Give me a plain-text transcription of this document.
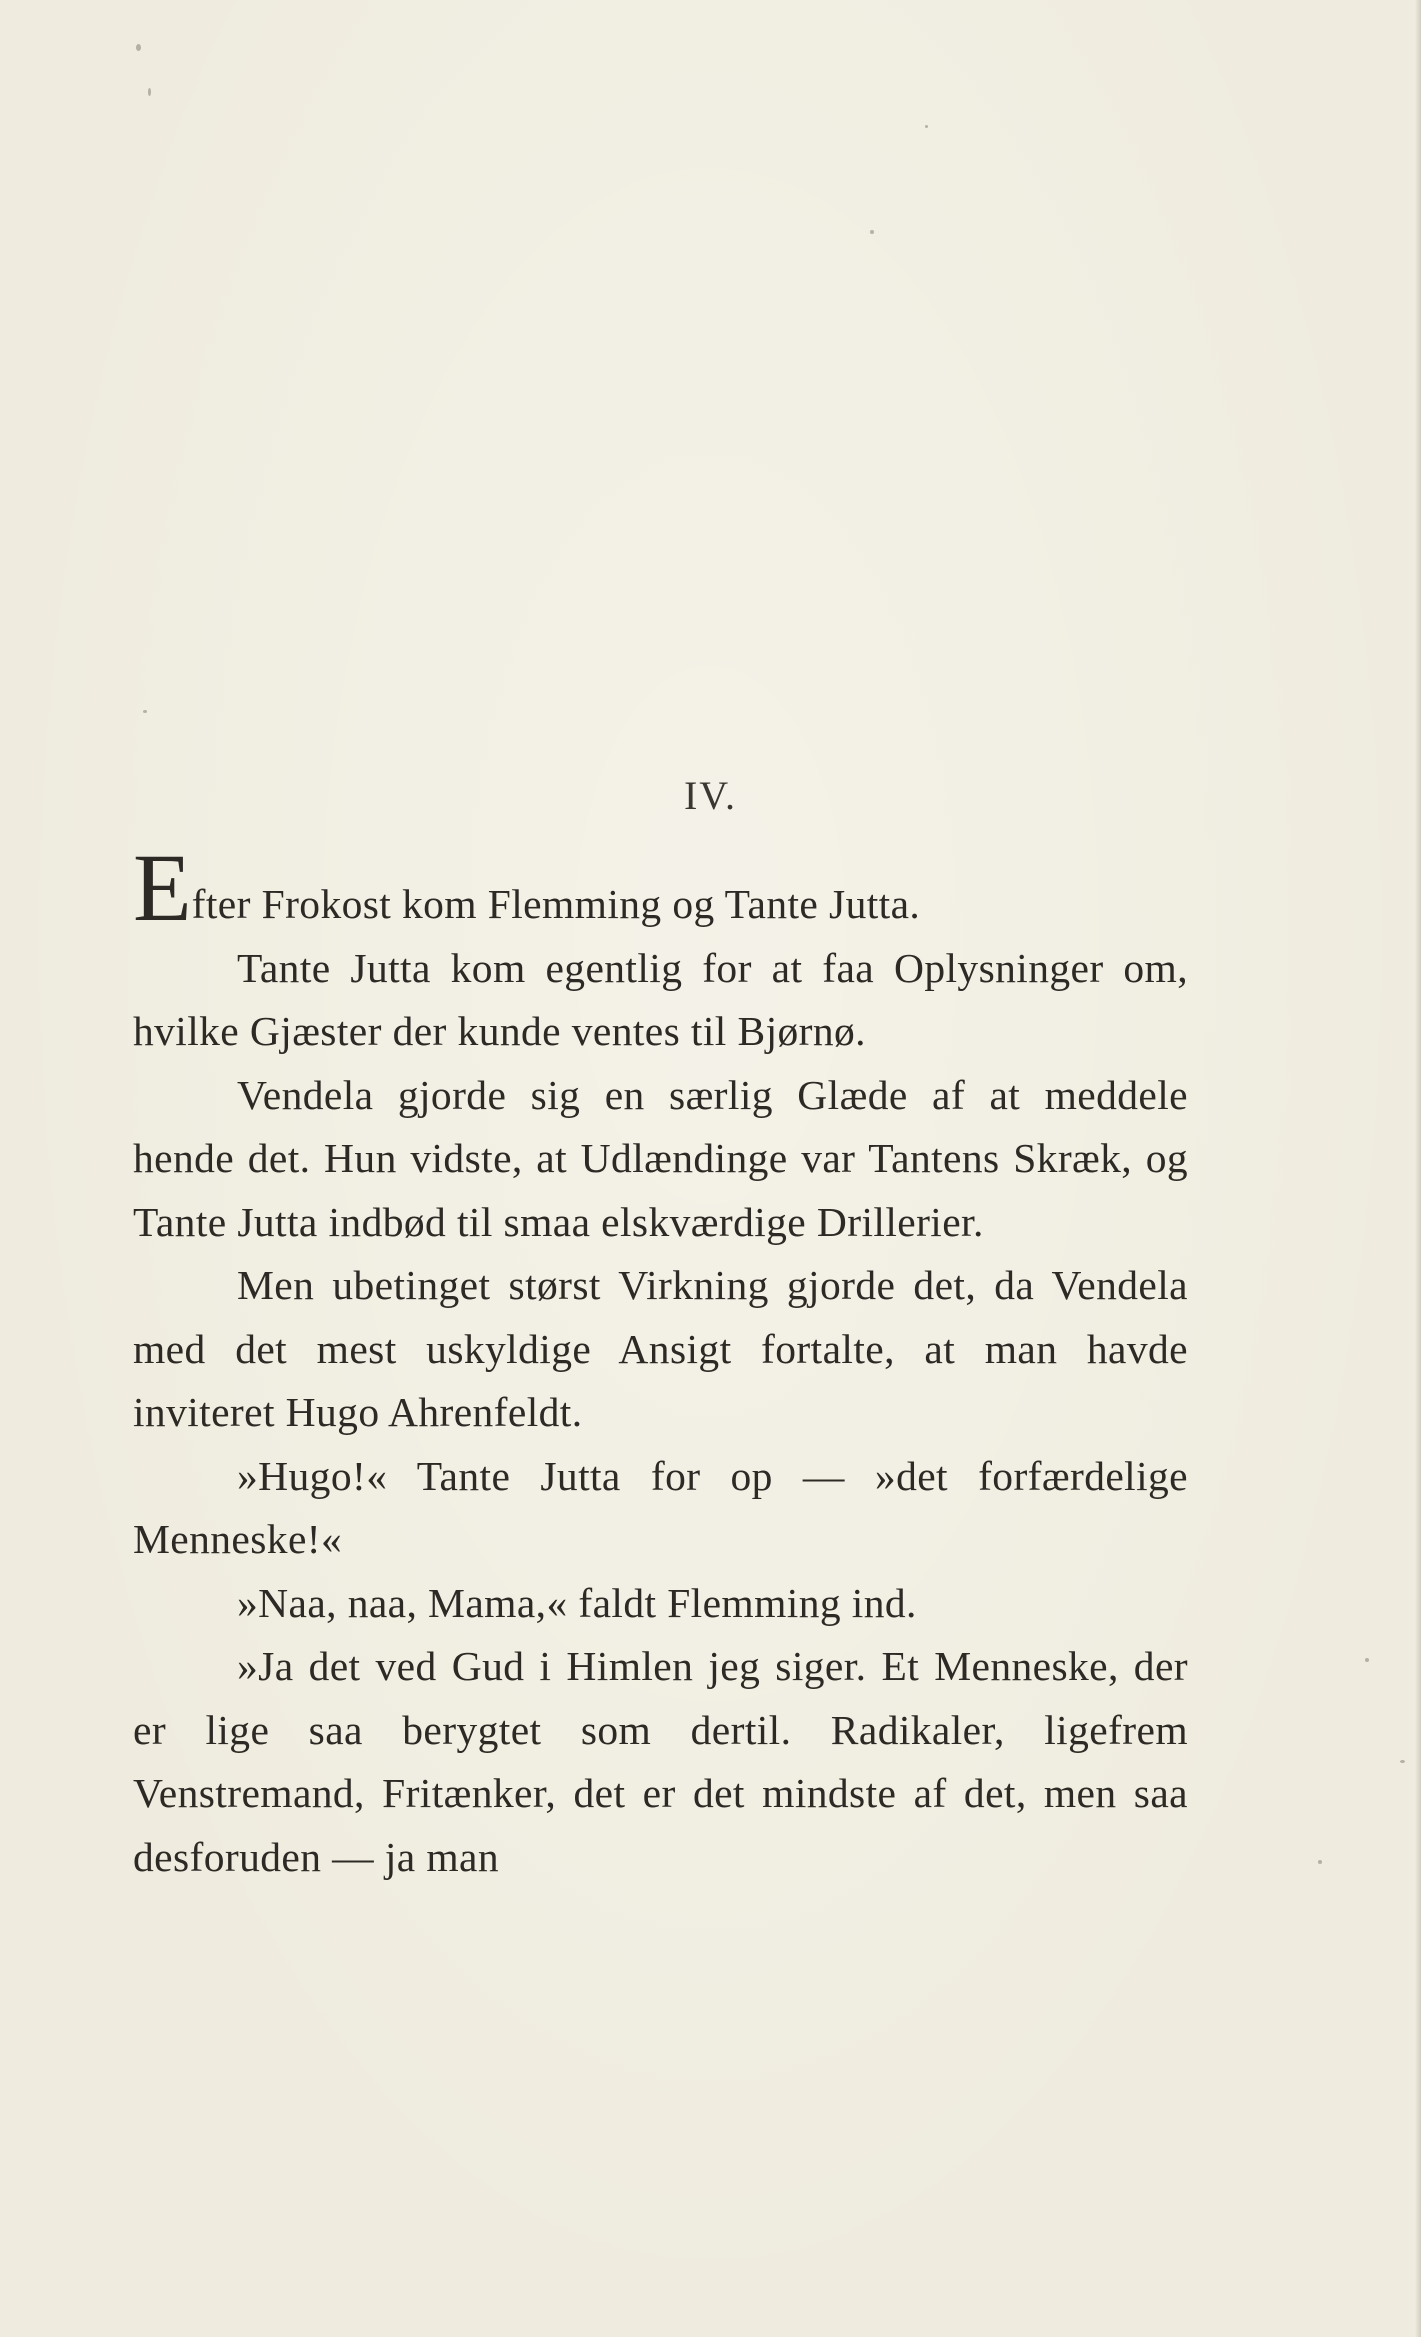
IV.

Efter Frokost kom Flemming og Tante Jutta.

Tante Jutta kom egentlig for at faa Oplysninger om, hvilke Gjæster der kunde ventes til Bjørnø.

Vendela gjorde sig en særlig Glæde af at meddele hende det. Hun vidste, at Udlændinge var Tantens Skræk, og Tante Jutta indbød til smaa elskværdige Drillerier.

Men ubetinget størst Virkning gjorde det, da Vendela med det mest uskyldige Ansigt fortalte, at man havde inviteret Hugo Ahrenfeldt.

»Hugo!« Tante Jutta for op — »det forfærdelige Menneske!«

»Naa, naa, Mama,« faldt Flemming ind.

»Ja det ved Gud i Himlen jeg siger. Et Menneske, der er lige saa berygtet som dertil. Radikaler, ligefrem Venstremand, Fritænker, det er det mindste af det, men saa desforuden — ja man
